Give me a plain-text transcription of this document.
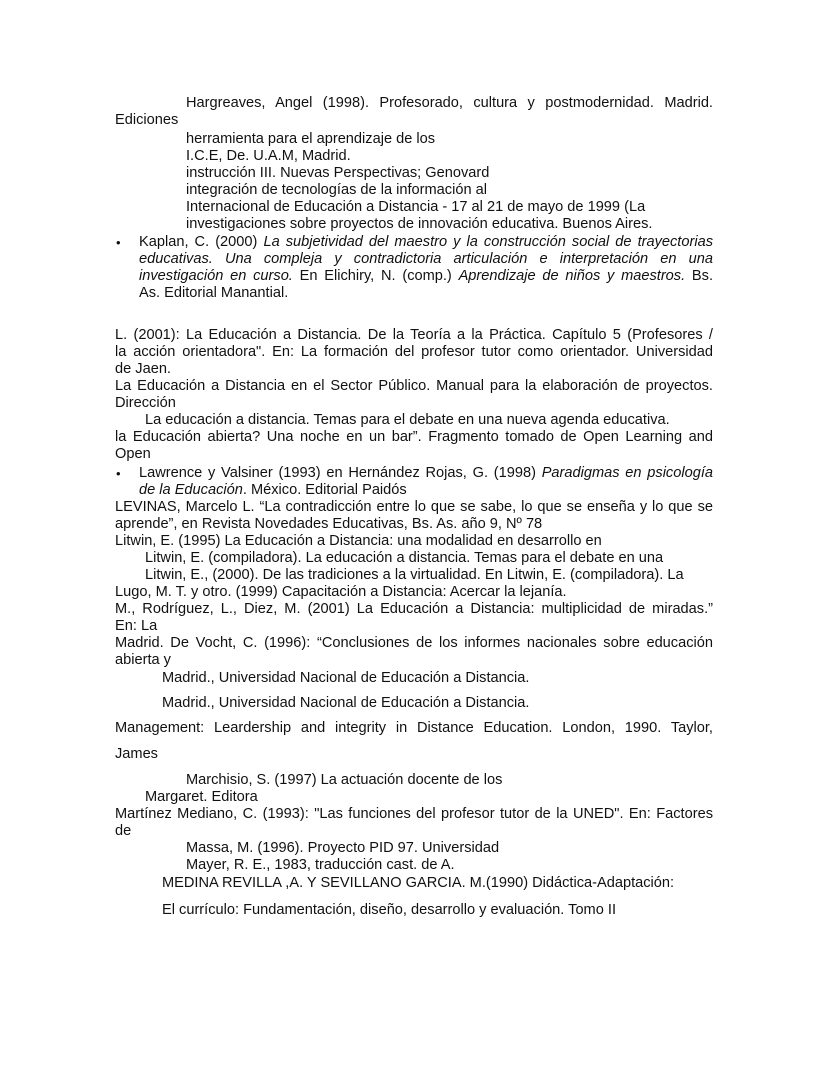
Hargreaves, Angel (1998). Profesorado, cultura y postmodernidad. Madrid.

Ediciones

herramienta para el aprendizaje de los

I.C.E, De. U.A.M, Madrid.

instrucción III. Nuevas Perspectivas; Genovard

integración de tecnologías de la información al

Internacional de Educación a Distancia - 17 al 21 de mayo de 1999 (La

investigaciones sobre proyectos de innovación educativa. Buenos Aires.

• Kaplan, C. (2000) La subjetividad del maestro y la construcción social de trayectorias

educativas. Una compleja y contradictoria articulación e interpretación en una

investigación en curso. En Elichiry, N. (comp.) Aprendizaje de niños y maestros. Bs.

As. Editorial Manantial.

L. (2001): La Educación a Distancia. De la Teoría a la Práctica. Capítulo 5 (Profesores /

la acción orientadora". En: La formación del profesor tutor como orientador. Universidad

de Jaen.

La Educación a Distancia en el Sector Público. Manual para la elaboración de proyectos.

Dirección

La educación a distancia. Temas para el debate en una nueva agenda educativa.

la Educación abierta? Una noche en un bar”. Fragmento tomado de Open Learning and

Open

• Lawrence y Valsiner (1993) en Hernández Rojas, G. (1998) Paradigmas en psicología

de la Educación. México. Editorial Paidós

LEVINAS, Marcelo L. “La contradicción entre lo que se sabe, lo que se enseña y lo que se

aprende”, en Revista Novedades Educativas, Bs. As. año 9, Nº 78

Litwin, E. (1995) La Educación a Distancia: una modalidad en desarrollo en

Litwin, E. (compiladora). La educación a distancia. Temas para el debate en una

Litwin, E., (2000). De las tradiciones a la virtualidad. En Litwin, E. (compiladora). La

Lugo, M. T. y otro. (1999) Capacitación a Distancia: Acercar la lejanía.

M., Rodríguez, L., Diez, M. (2001) La Educación a Distancia: multiplicidad de miradas.”

En: La

Madrid. De Vocht, C. (1996): “Conclusiones de los informes nacionales sobre educación

abierta y

Madrid., Universidad Nacional de Educación a Distancia.

Madrid., Universidad Nacional de Educación a Distancia.

Management: Leardership and integrity in Distance Education. London, 1990. Taylor,

James

Marchisio, S. (1997) La actuación docente de los

Margaret. Editora

Martínez Mediano, C. (1993): "Las funciones del profesor tutor de la UNED". En: Factores

de

Massa, M. (1996). Proyecto PID 97. Universidad

Mayer, R. E., 1983, traducción cast. de A.

MEDINA REVILLA ,A. Y SEVILLANO GARCIA. M.(1990) Didáctica-Adaptación:

El currículo: Fundamentación, diseño, desarrollo y evaluación. Tomo II
